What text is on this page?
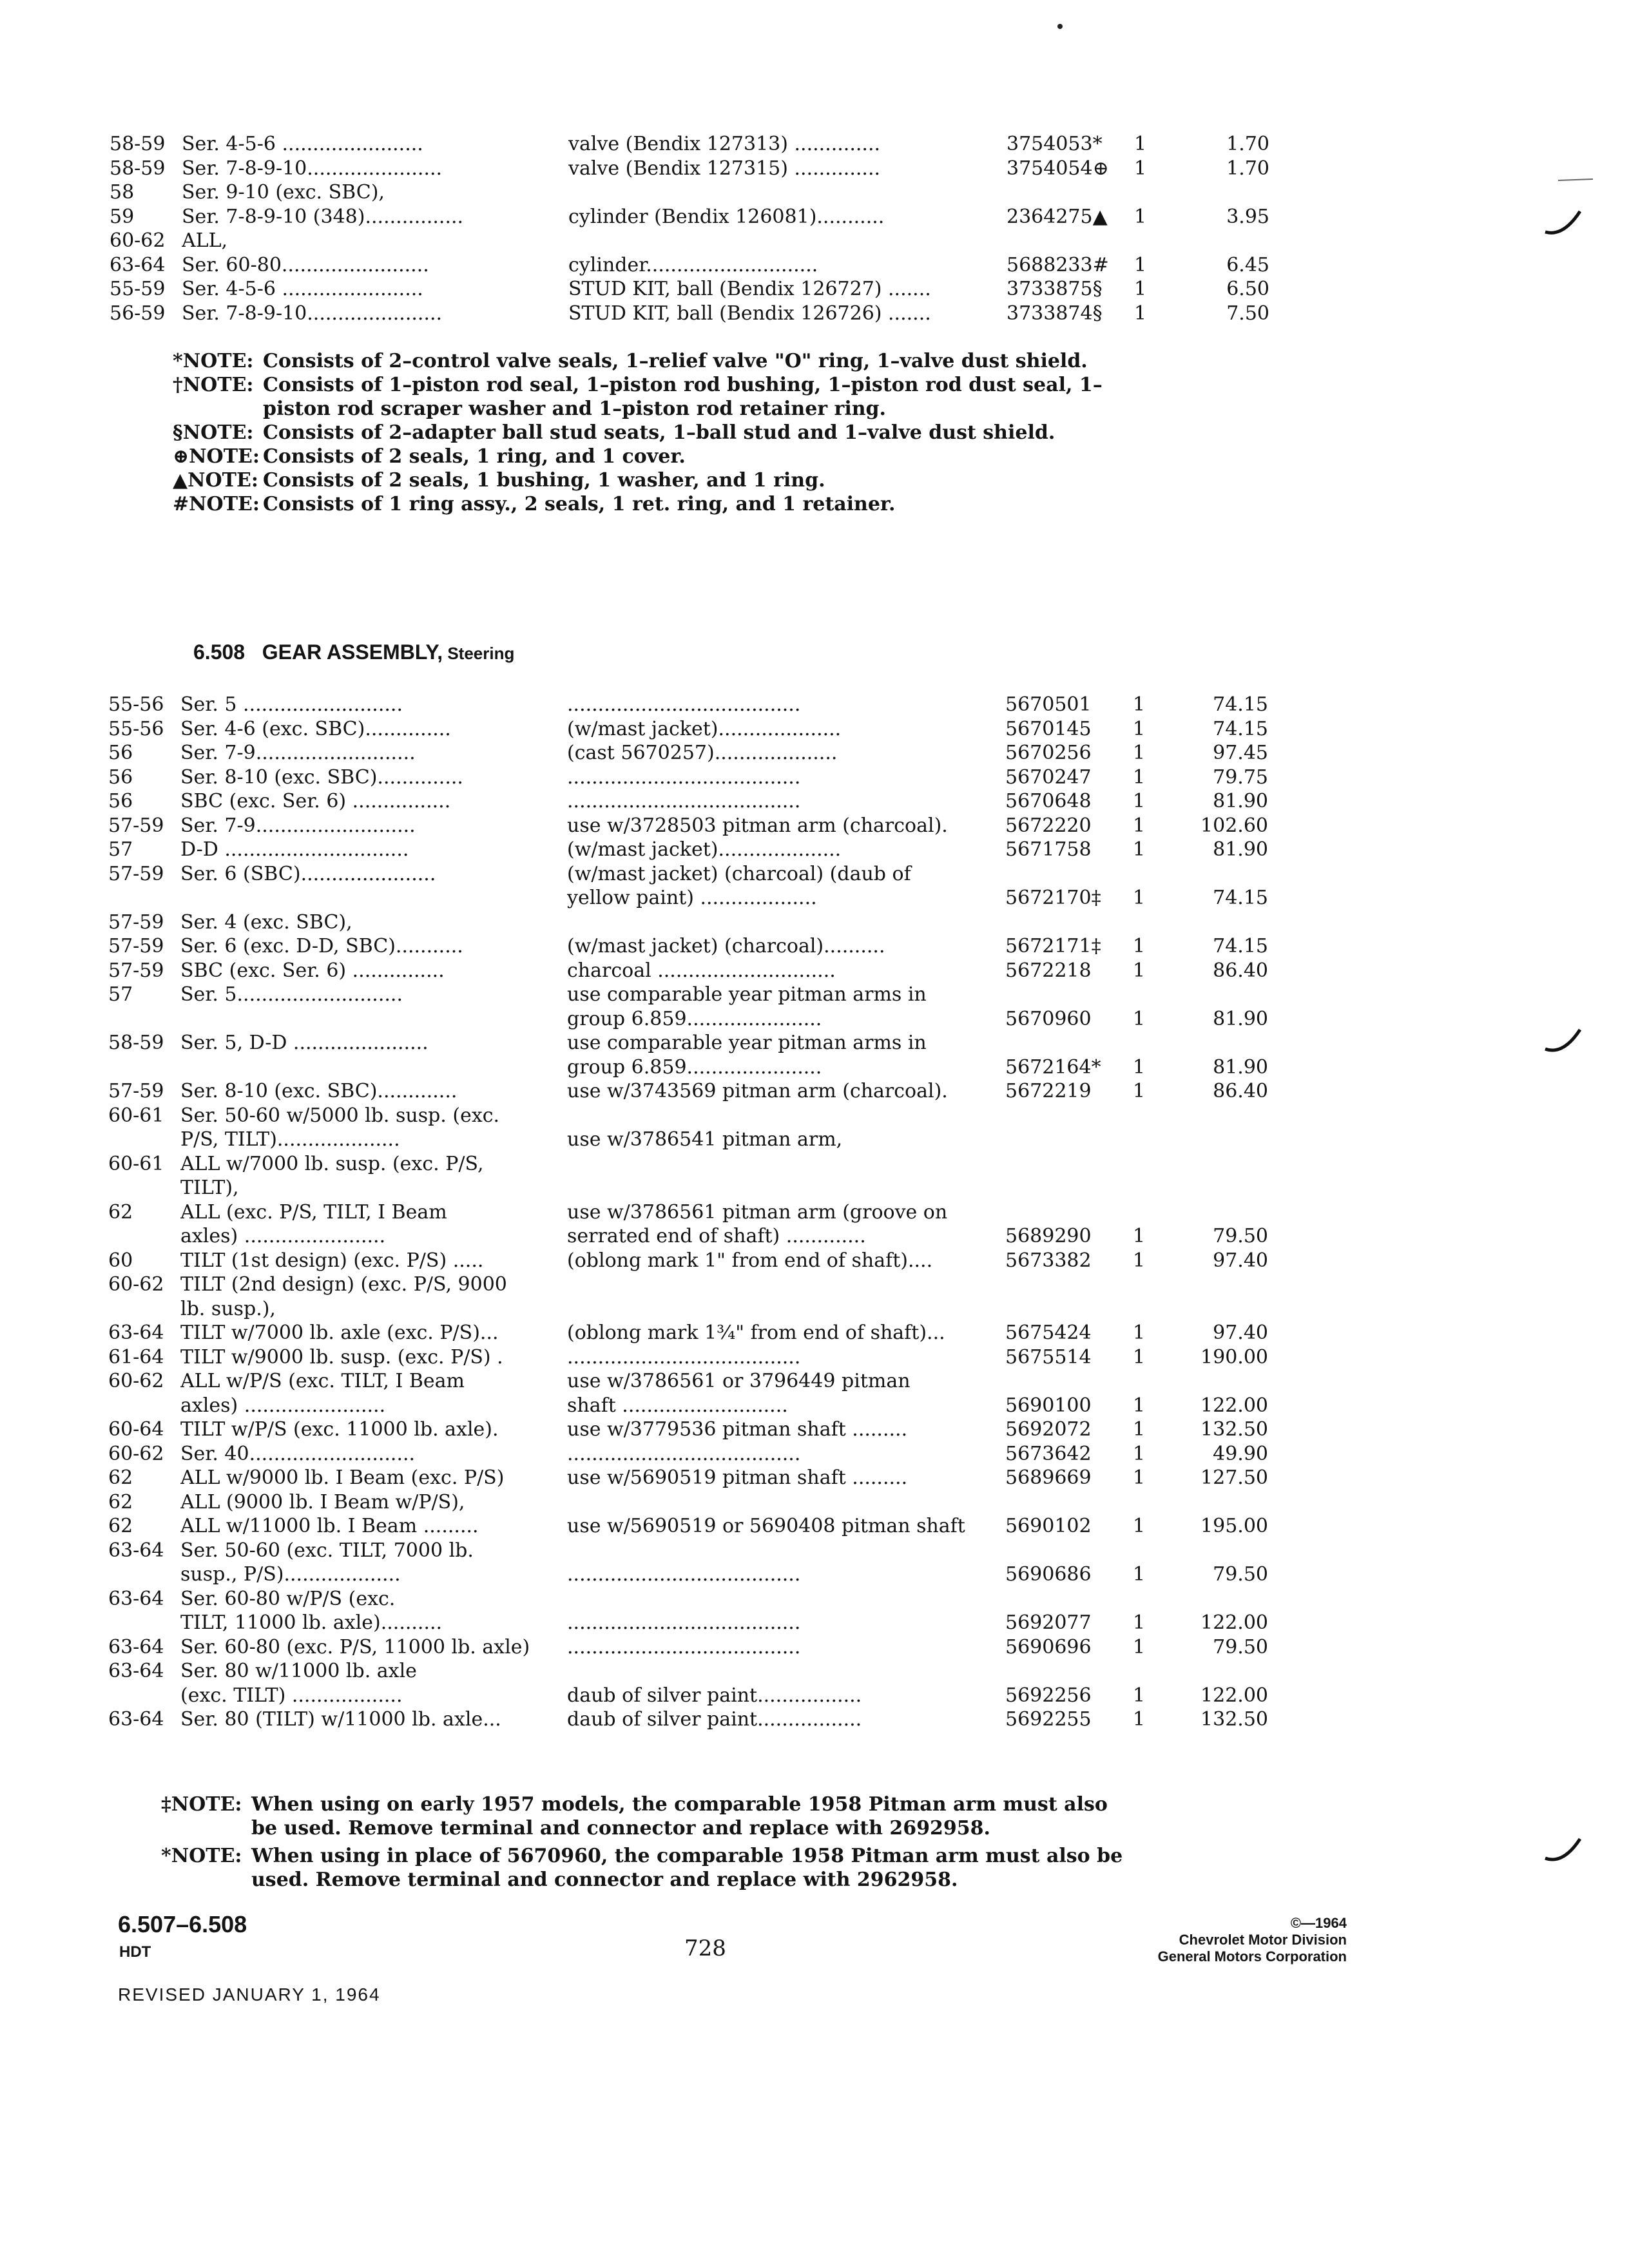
58-59 Ser. 4-5-6 .......................	valve (Bendix 127313) ..............	3754053* 1	1.70
58-59 Ser. 7-8-9-10......................	valve (Bendix 127315) ..............	3754054⊕ 1	1.70
58	Ser. 9-10 (exc. SBC),
59	Ser. 7-8-9-10 (348)................	cylinder (Bendix 126081)...........	2364275▲ 1	3.95
60-62 ALL,
63-64 Ser. 60-80........................	cylinder............................	5688233# 1	6.45
55-59 Ser. 4-5-6 .......................	STUD KIT, ball (Bendix 126727) .......	3733875§ 1	6.50
56-59 Ser. 7-8-9-10......................	STUD KIT, ball (Bendix 126726) .......	3733874§ 1	7.50
*NOTE: Consists of 2–control valve seals, 1–relief valve "O" ring, 1–valve dust shield.
†NOTE: Consists of 1–piston rod seal, 1–piston rod bushing, 1–piston rod dust seal, 1–piston rod scraper washer and 1–piston rod retainer ring.
§NOTE: Consists of 2–adapter ball stud seats, 1–ball stud and 1–valve dust shield.
⊕NOTE: Consists of 2 seals, 1 ring, and 1 cover.
▲NOTE: Consists of 2 seals, 1 bushing, 1 washer, and 1 ring.
#NOTE: Consists of 1 ring assy., 2 seals, 1 ret. ring, and 1 retainer.
6.508 GEAR ASSEMBLY, Steering
55-56 Ser. 5 ..........................	......................................	5670501 1	74.15
55-56 Ser. 4-6 (exc. SBC)..............	(w/mast jacket)....................	5670145 1	74.15
56	Ser. 7-9..........................	(cast 5670257)....................	5670256 1	97.45
56	Ser. 8-10 (exc. SBC)..............	......................................	5670247 1	79.75
56	SBC (exc. Ser. 6) ................	......................................	5670648 1	81.90
57-59 Ser. 7-9..........................	use w/3728503 pitman arm (charcoal).	5672220 1	102.60
57	D-D ..............................	(w/mast jacket)....................	5671758 1	81.90
57-59 Ser. 6 (SBC)......................	(w/mast jacket) (charcoal) (daub of
yellow paint) ...................	5672170‡ 1	74.15
57-59 Ser. 4 (exc. SBC),
57-59 Ser. 6 (exc. D-D, SBC)...........	(w/mast jacket) (charcoal)..........	5672171‡ 1	74.15
57-59 SBC (exc. Ser. 6) ...............	charcoal .............................	5672218 1	86.40
57	Ser. 5...........................	use comparable year pitman arms in
group 6.859......................	5670960 1	81.90
58-59 Ser. 5, D-D ......................	use comparable year pitman arms in
group 6.859......................	5672164* 1	81.90
57-59 Ser. 8-10 (exc. SBC).............	use w/3743569 pitman arm (charcoal).	5672219 1	86.40
60-61 Ser. 50-60 w/5000 lb. susp. (exc.
P/S, TILT)....................	use w/3786541 pitman arm,
60-61 ALL w/7000 lb. susp. (exc. P/S,
TILT),
62	ALL (exc. P/S, TILT, I Beam	use w/3786561 pitman arm (groove on
axles) .......................	serrated end of shaft) .............	5689290 1	79.50
60	TILT (1st design) (exc. P/S) .....	(oblong mark 1" from end of shaft)....	5673382 1	97.40
60-62 TILT (2nd design) (exc. P/S, 9000
lb. susp.),
63-64 TILT w/7000 lb. axle (exc. P/S)...	(oblong mark 1¾" from end of shaft)...	5675424 1	97.40
61-64 TILT w/9000 lb. susp. (exc. P/S) .	......................................	5675514 1	190.00
60-62 ALL w/P/S (exc. TILT, I Beam	use w/3786561 or 3796449 pitman
axles) .......................	shaft ...........................	5690100 1	122.00
60-64 TILT w/P/S (exc. 11000 lb. axle).	use w/3779536 pitman shaft .........	5692072 1	132.50
60-62 Ser. 40...........................	......................................	5673642 1	49.90
62	ALL w/9000 lb. I Beam (exc. P/S)	use w/5690519 pitman shaft .........	5689669 1	127.50
62	ALL (9000 lb. I Beam w/P/S),
62	ALL w/11000 lb. I Beam .........	use w/5690519 or 5690408 pitman shaft	5690102 1	195.00
63-64 Ser. 50-60 (exc. TILT, 7000 lb.
susp., P/S)...................	......................................	5690686 1	79.50
63-64 Ser. 60-80 w/P/S (exc.
TILT, 11000 lb. axle)..........	......................................	5692077 1	122.00
63-64 Ser. 60-80 (exc. P/S, 11000 lb. axle)	......................................	5690696 1	79.50
63-64 Ser. 80 w/11000 lb. axle
(exc. TILT) ..................	daub of silver paint.................	5692256 1	122.00
63-64 Ser. 80 (TILT) w/11000 lb. axle...	daub of silver paint.................	5692255 1	132.50
‡NOTE: When using on early 1957 models, the comparable 1958 Pitman arm must also be used. Remove terminal and connector and replace with 2692958.
*NOTE: When using in place of 5670960, the comparable 1958 Pitman arm must also be used. Remove terminal and connector and replace with 2962958.
6.507–6.508
HDT	728
©—1964
Chevrolet Motor Division
General Motors Corporation
REVISED JANUARY 1, 1964
